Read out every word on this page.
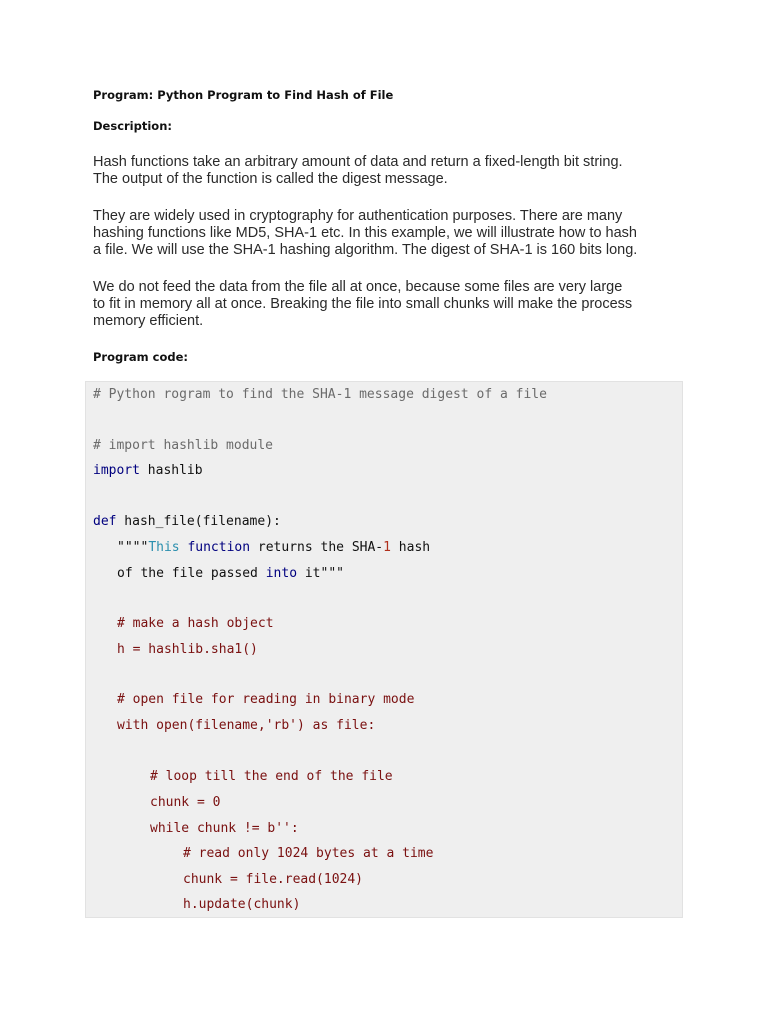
Program: Python Program to Find Hash of File
Description:
Hash functions take an arbitrary amount of data and return a fixed-length bit string.
The output of the function is called the digest message.
They are widely used in cryptography for authentication purposes. There are many
hashing functions like MD5, SHA-1 etc. In this example, we will illustrate how to hash
a file. We will use the SHA-1 hashing algorithm. The digest of SHA-1 is 160 bits long.
We do not feed the data from the file all at once, because some files are very large
to fit in memory all at once. Breaking the file into small chunks will make the process
memory efficient.
Program code:
# Python rogram to find the SHA-1 message digest of a file
# import hashlib module
import hashlib
def hash_file(filename):
""""This function returns the SHA-1 hash
of the file passed into it"""
# make a hash object
h = hashlib.sha1()
# open file for reading in binary mode
with open(filename,'rb') as file:
# loop till the end of the file
chunk = 0
while chunk != b'':
# read only 1024 bytes at a time
chunk = file.read(1024)
h.update(chunk)
